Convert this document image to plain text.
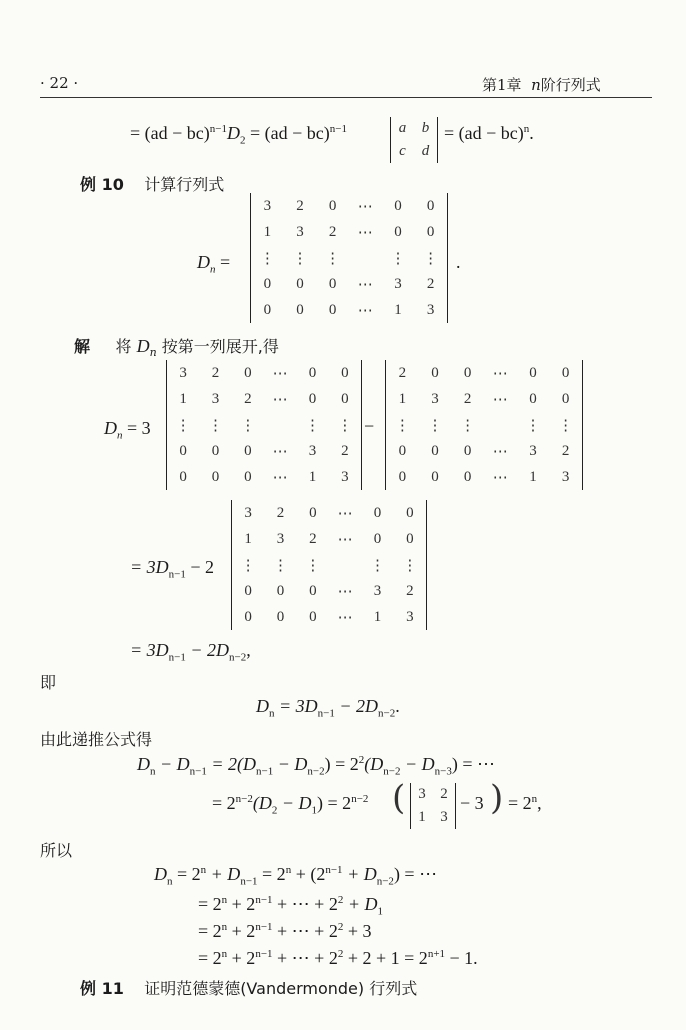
· 22 ·	第1章 n阶行列式
= $(ad - bc)^{n-1}D_2 = (ad - bc)^{n-1}$	a	b
c	d
= (ad − bc)$^n$.
例 10 计算行列式
$D_n$ =
3	2	0	⋯	0	0
1	3	2	⋯	0	0
⋮	⋮	⋮		⋮	⋮
0	0	0	⋯	3	2
0	0	0	⋯	1	3
.
解 将 $D_n$ 按第一列展开,得
$D_n = 3$
3	2	0	⋯	0	0
1	3	2	⋯	0	0
⋮	⋮	⋮		⋮	⋮
0	0	0	⋯	3	2
0	0	0	⋯	1	3
−
2	0	0	⋯	0	0
1	3	2	⋯	0	0
⋮	⋮	⋮		⋮	⋮
0	0	0	⋯	3	2
0	0	0	⋯	1	3
= $3D_{n-1} - 2$
3	2	0	⋯	0	0
1	3	2	⋯	0	0
⋮	⋮	⋮		⋮	⋮
0	0	0	⋯	3	2
0	0	0	⋯	1	3
= $3D_{n-1} - 2D_{n-2}$,
即
$D_n = 3D_{n-1} - 2D_{n-2}$.
由此递推公式得
$D_n - D_{n-1} = 2(D_{n-1} - D_{n-2}) = 2^2(D_{n-2} - D_{n-3})$ = ⋯
= $2^{n-2}(D_2 - D_1) = 2^{n-2}$ ( 3	2
1	3
− 3 ) = $2^n$,
所以
$D_n = 2^n + D_{n-1} = 2^n + (2^{n-1} + D_{n-2})$ = ⋯
= $2^n + 2^{n-1}$ + ⋯ + $2^2 + D_1$
= $2^n + 2^{n-1}$ + ⋯ + $2^2 + 3$
= $2^n + 2^{n-1}$ + ⋯ + $2^2 + 2 + 1 = 2^{n+1} - 1$.
例 11 证明范德蒙德(Vandermonde) 行列式
